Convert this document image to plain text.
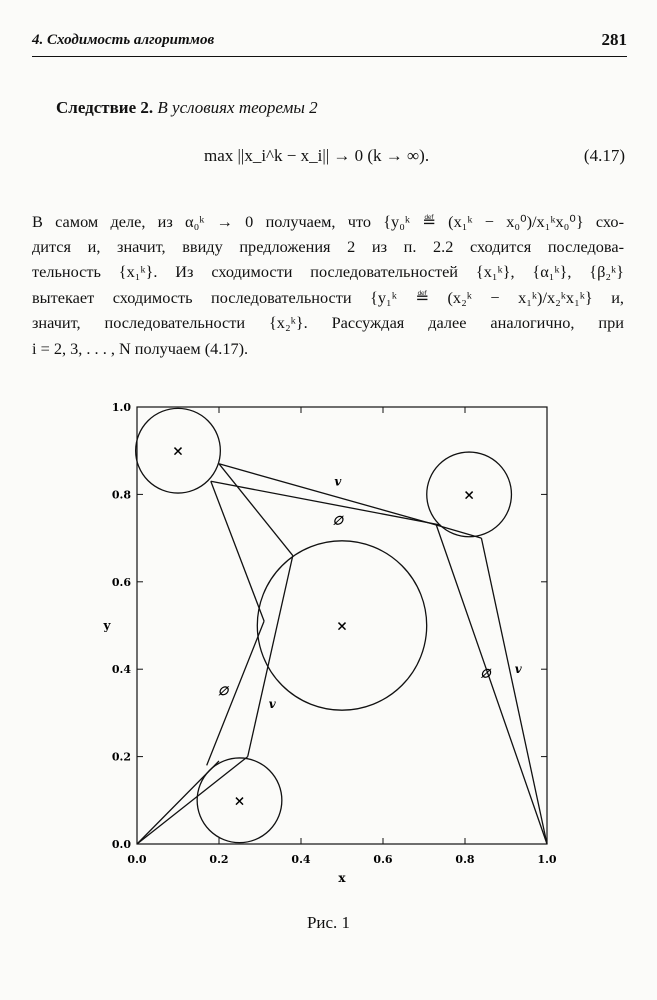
4. Сходимость алгоритмов	281
Следствие 2. В условиях теоремы 2
max ||x_i^k − x_i|| → 0 (k → ∞).	(4.17)
В самом деле, из α₀ᵏ → 0 получаем, что {y₀ᵏ ≝ (x₁ᵏ − x₀⁰)/x₁ᵏx₀⁰} схо-
дится и, значит, ввиду предложения 2 из п. 2.2 сходится последова-
тельность {x₁ᵏ}. Из сходимости последовательностей {x₁ᵏ}, {α₁ᵏ}, {β₂ᵏ}
вытекает сходимость последовательности {y₁ᵏ ≝ (x₂ᵏ − x₁ᵏ)/x₂ᵏx₁ᵏ} и,
значит, последовательности {x₂ᵏ}. Рассуждая далее аналогично, при
i = 2, 3, . . . , N получаем (4.17).
0.0	0.2	0.4	0.6	0.8	1.0
0.0
0.2
0.4
0.6
0.8
1.0
x
y
×
×
×
×
v
∅
∅
v
∅ v
Рис. 1
